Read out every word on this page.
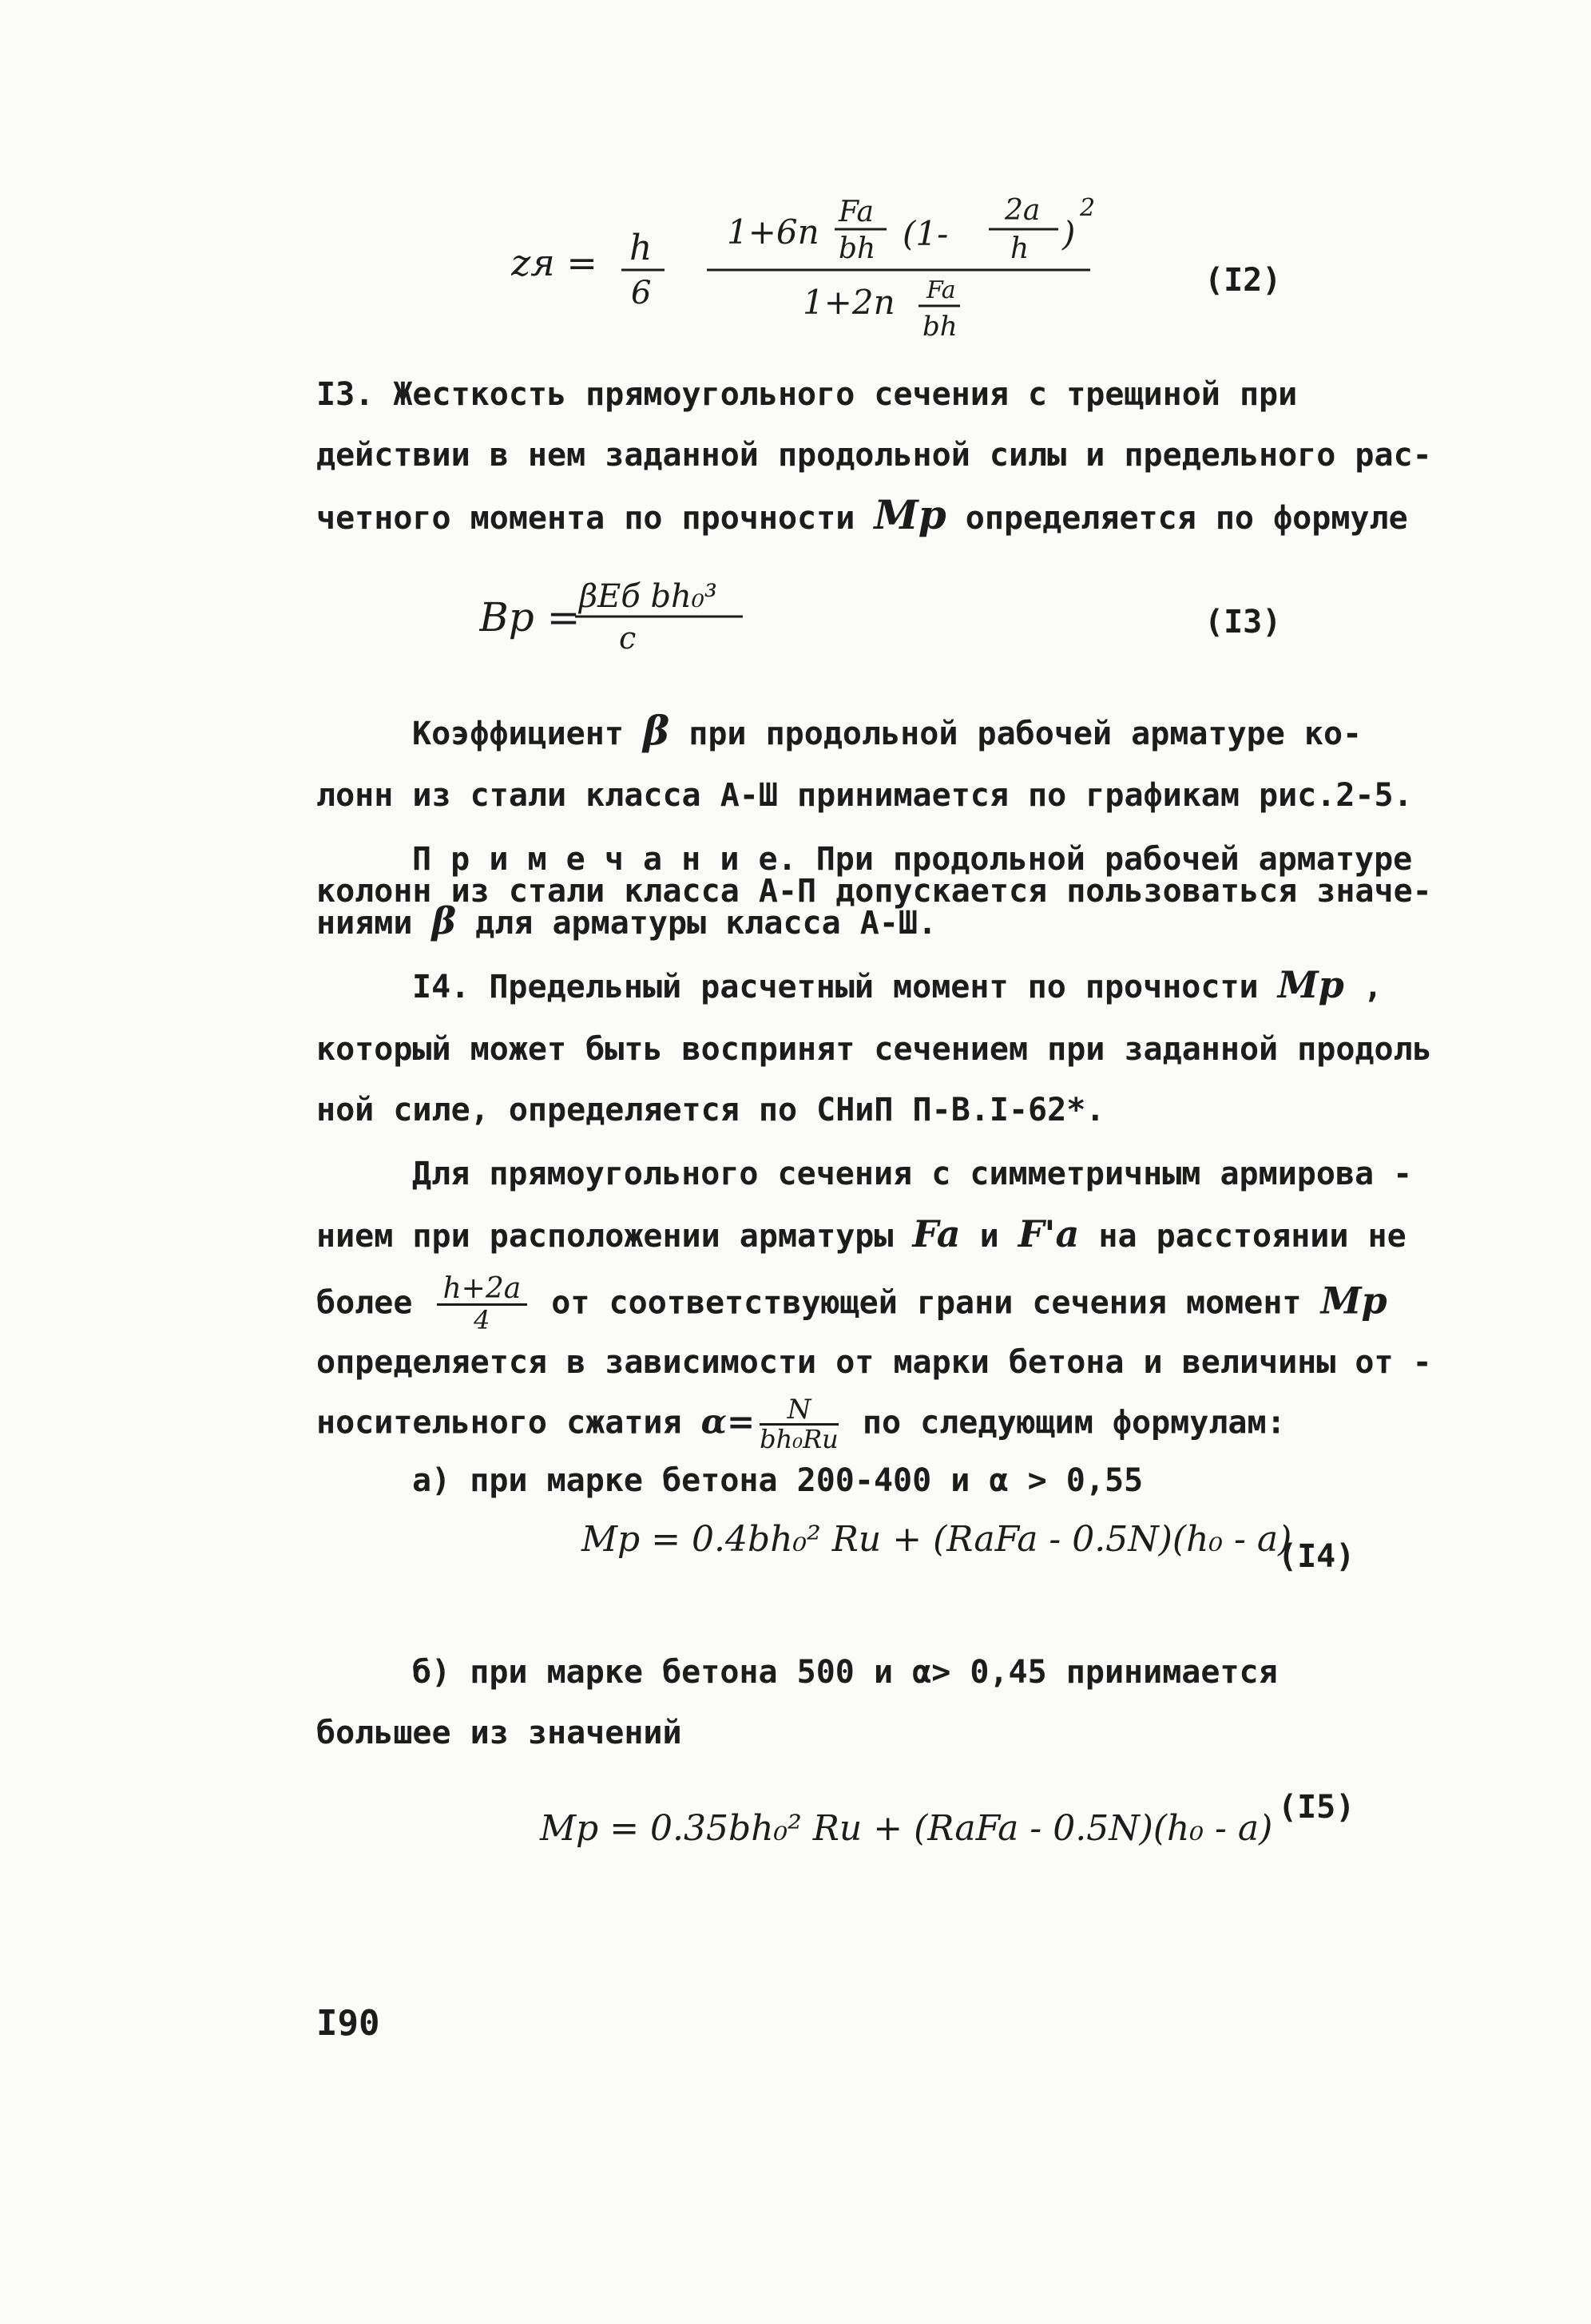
zя = h
6
1+6n
Fa
bh (1-
2a
h )
2
1+2n Fa
bh
(I2)
I3. Жесткость прямоугольного сечения с трещиной при
действии в нем заданной продольной силы и предельного рас-
четного момента по прочности Mp определяется по формуле
Bp =
βEб bh₀³
c	(I3)
Коэффициент β при продольной рабочей арматуре ко-
лонн из стали класса А-Ш принимается по графикам рис.2-5.
П р и м е ч а н и е. При продольной рабочей арматуре
колонн из стали класса А-П допускается пользоваться значе-
ниями β для арматуры класса А-Ш.
I4. Предельный расчетный момент по прочности Mp ,
который может быть воспринят сечением при заданной продоль
ной силе, определяется по СНиП П-В.I-62*.
Для прямоугольного сечения с симметричным армирова -
нием при расположении арматуры Fa и F'a на расстоянии не
более $\frac{h+2a}{4}$ от соответствующей грани сечения момент Mp
определяется в зависимости от марки бетона и величины от -
носительного сжатия $\alpha= \frac{N}{\text{bh₀Ru}}$ по следующим формулам:
а) при марке бетона 200-400 и α > 0,55
Mp = 0.4bh₀² Ru + (RaFa - 0.5N)(h₀ - a)
(I4)
б) при марке бетона 500 и α> 0,45 принимается
большее из значений
Mp = 0.35bh₀² Ru + (RaFa - 0.5N)(h₀ - a)
(I5)
I90
